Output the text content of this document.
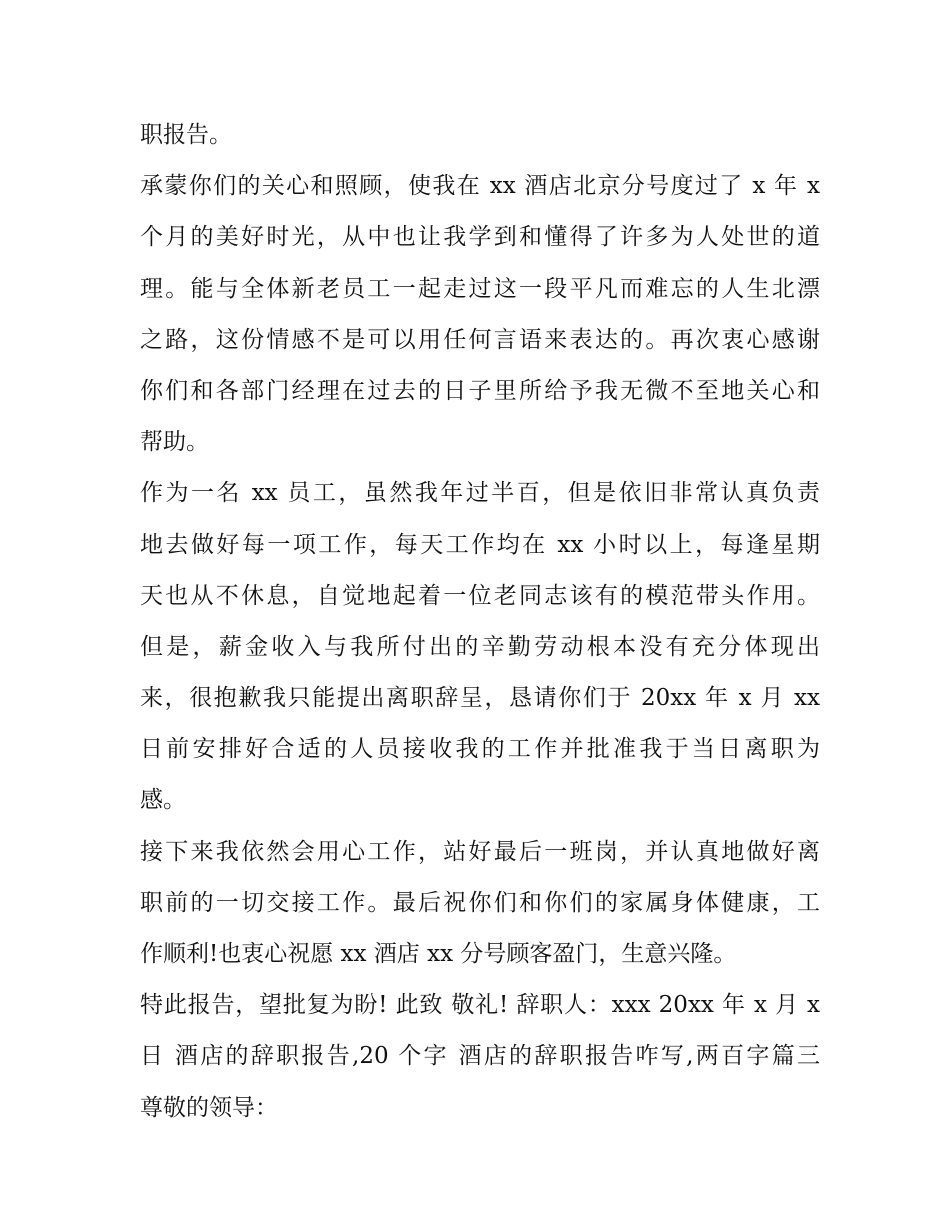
职报告。
承蒙你们的关心和照顾，使我在 xx 酒店北京分号度过了 x 年 x
个月的美好时光，从中也让我学到和懂得了许多为人处世的道
理。能与全体新老员工一起走过这一段平凡而难忘的人生北漂
之路，这份情感不是可以用任何言语来表达的。再次衷心感谢
你们和各部门经理在过去的日子里所给予我无微不至地关心和
帮助。
作为一名 xx 员工，虽然我年过半百，但是依旧非常认真负责
地去做好每一项工作，每天工作均在 xx 小时以上，每逢星期
天也从不休息，自觉地起着一位老同志该有的模范带头作用。
但是，薪金收入与我所付出的辛勤劳动根本没有充分体现出
来，很抱歉我只能提出离职辞呈，恳请你们于 20xx 年 x 月 xx
日前安排好合适的人员接收我的工作并批准我于当日离职为
感。
接下来我依然会用心工作，站好最后一班岗，并认真地做好离
职前的一切交接工作。最后祝你们和你们的家属身体健康，工
作顺利!也衷心祝愿 xx 酒店 xx 分号顾客盈门，生意兴隆。
特此报告，望批复为盼! 此致 敬礼! 辞职人：xxx 20xx 年 x 月 x
日 酒店的辞职报告,20 个字 酒店的辞职报告咋写,两百字篇三
尊敬的领导：
